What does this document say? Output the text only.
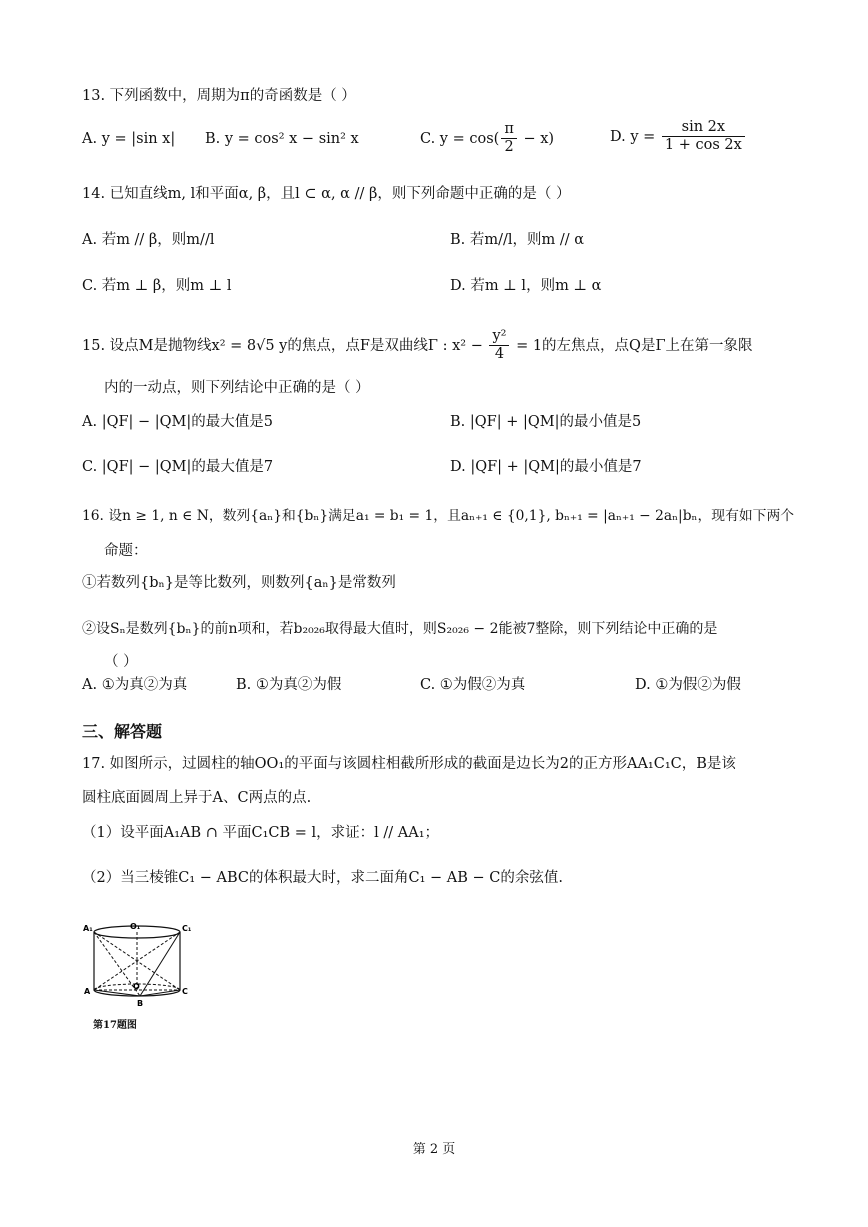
13. 下列函数中，周期为π的奇函数是（ ）
A. y = |sin x| B. y = cos² x − sin² x	C. $y = \cos( \frac{\pi}{2} - x)$	D. $y = \frac{\sin 2x}{1 + \cos 2x}$
14. 已知直线m, l和平面α, β，且l ⊂ α, α // β，则下列命题中正确的是（ ）
A. 若m // β，则m//l	B. 若m//l，则m // α
C. 若m ⊥ β，则m ⊥ l	D. 若m ⊥ l，则m ⊥ α
15. 设点M是抛物线x² = 8√5 y的焦点，点F是双曲线Γ : $x^2 - \frac{\text{y²}}{4} = 1$的左焦点，点Q是Γ上在第一象限
内的一动点，则下列结论中正确的是（ ）
A. |QF| − |QM|的最大值是5	B. |QF| + |QM|的最小值是5
C. |QF| − |QM|的最大值是7	D. |QF| + |QM|的最小值是7
16. 设n ≥ 1, n ∈ N，数列{aₙ}和{bₙ}满足a₁ = b₁ = 1，且aₙ₊₁ ∈ {0,1}, bₙ₊₁ = |aₙ₊₁ − 2aₙ|bₙ，现有如下两个
命题：
①若数列{bₙ}是等比数列，则数列{aₙ}是常数列
②设Sₙ是数列{bₙ}的前n项和，若b₂₀₂₆取得最大值时，则S₂₀₂₆ − 2能被7整除，则下列结论中正确的是
（ ）
A. ①为真②为真	B. ①为真②为假	C. ①为假②为真	D. ①为假②为假
三、解答题
17. 如图所示，过圆柱的轴OO₁的平面与该圆柱相截所形成的截面是边长为2的正方形AA₁C₁C，B是该
圆柱底面圆周上异于A、C两点的点.
（1）设平面A₁AB ∩ 平面C₁CB = l，求证：l // AA₁；
（2）当三棱锥C₁ − ABC的体积最大时，求二面角C₁ − AB − C的余弦值.
A₁	O₁	C₁
O
A	C
B
第17题图
第 2 页
